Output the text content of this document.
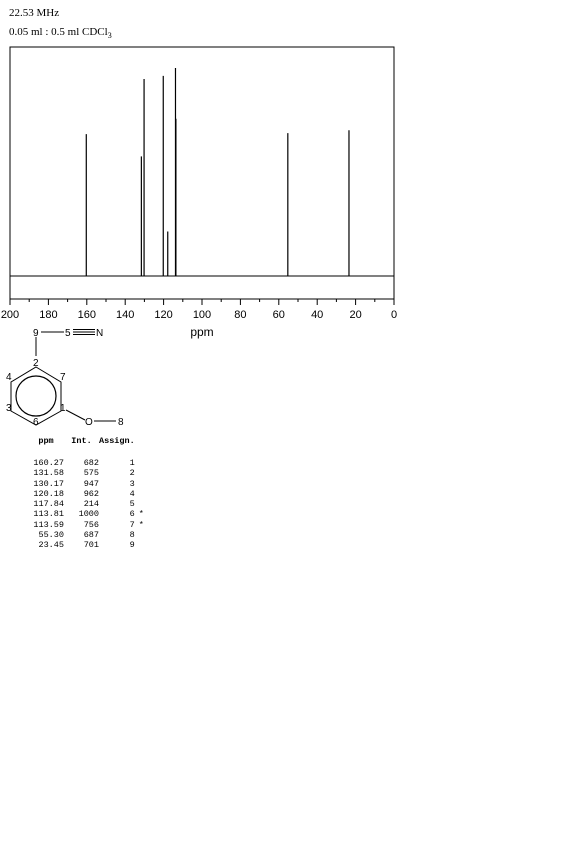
22.53 MHz
0.05 ml : 0.5 ml CDCl$_3$
200 180 160 140 120 100 80 60 40 20	0
ppm
9	5	N
2
7
4
3	1
6	O	8
ppm	Int.	Assign.	
160.27	682	1	
131.58	575	2	
130.17	947	3	
120.18	962	4	
117.84	214	5	
113.81	1000	6	*
113.59	756	7	*
55.30	687	8	
23.45	701	9	
